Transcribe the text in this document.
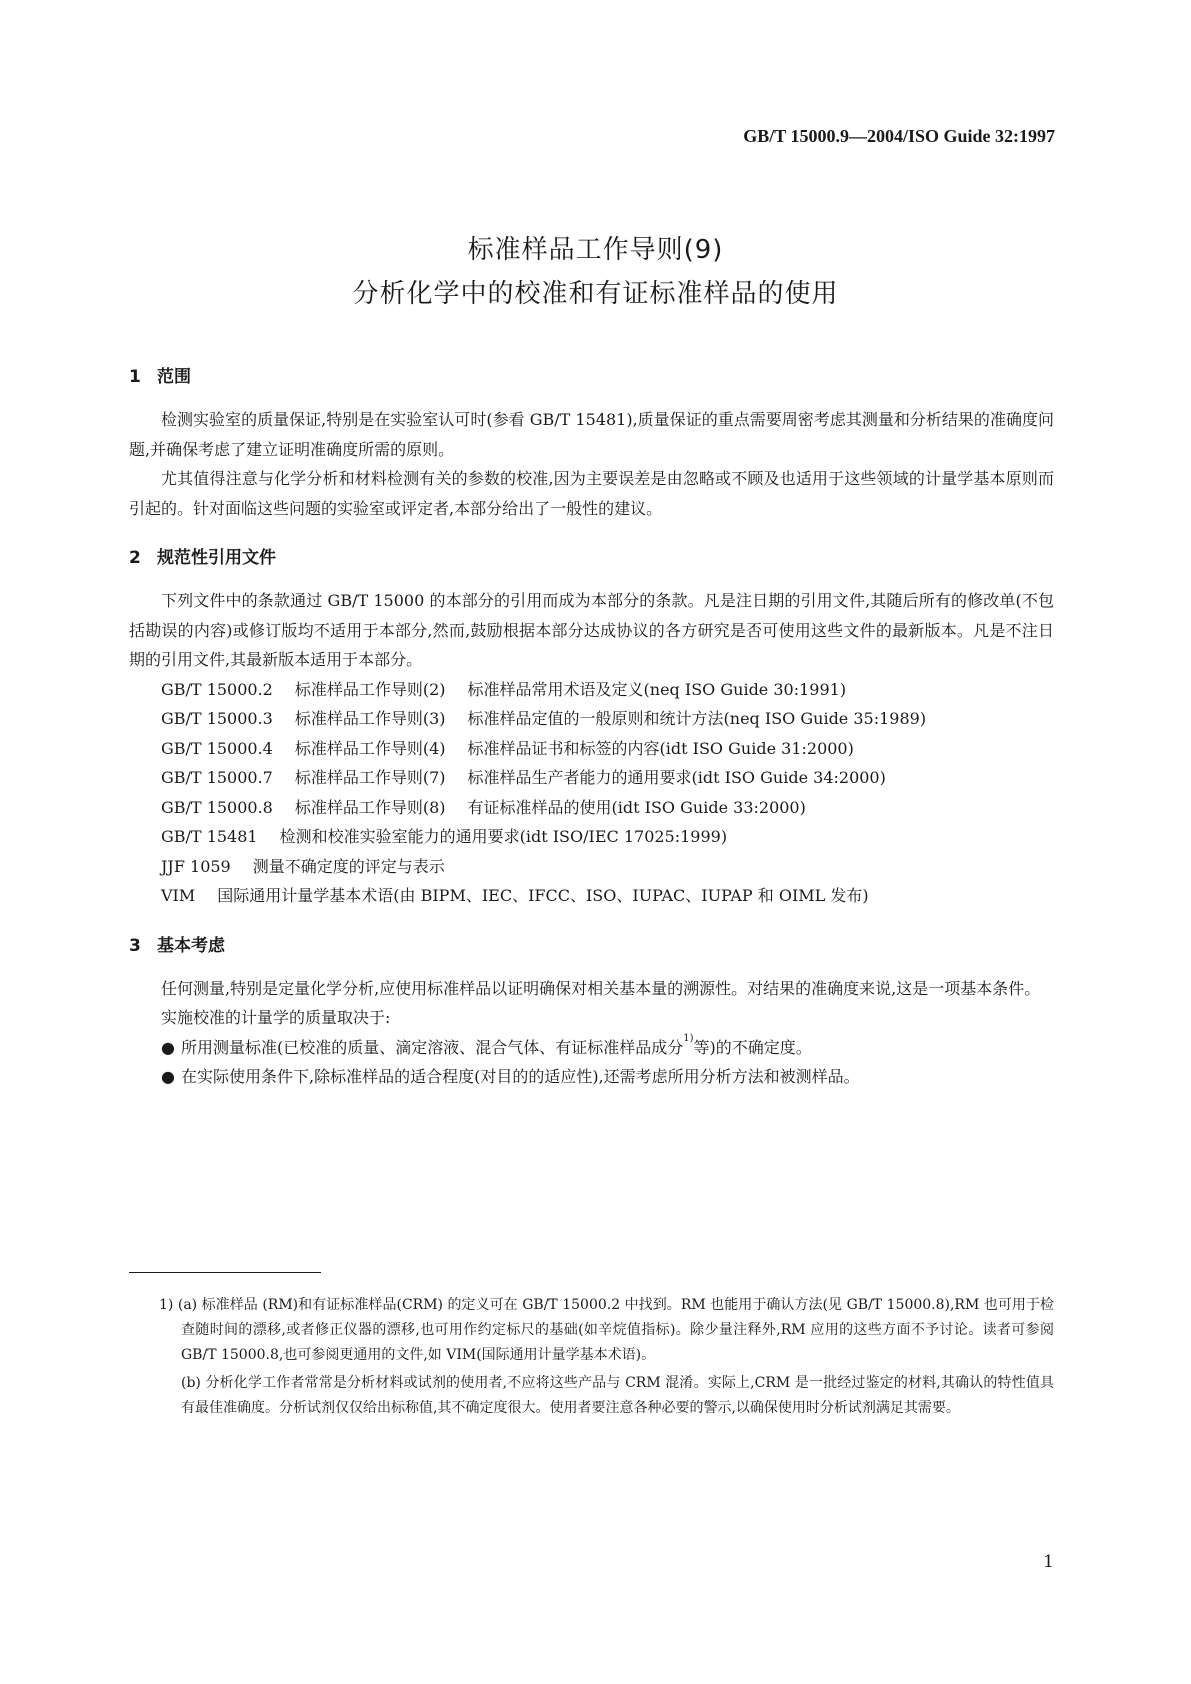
GB/T 15000.9—2004/ISO Guide 32:1997
标准样品工作导则(9)
分析化学中的校准和有证标准样品的使用
1 范围

检测实验室的质量保证,特别是在实验室认可时(参看 GB/T 15481),质量保证的重点需要周密考虑其测量和分析结果的准确度问题,并确保考虑了建立证明准确度所需的原则。

尤其值得注意与化学分析和材料检测有关的参数的校准,因为主要误差是由忽略或不顾及也适用于这些领域的计量学基本原则而引起的。针对面临这些问题的实验室或评定者,本部分给出了一般性的建议。

2 规范性引用文件

下列文件中的条款通过 GB/T 15000 的本部分的引用而成为本部分的条款。凡是注日期的引用文件,其随后所有的修改单(不包括勘误的内容)或修订版均不适用于本部分,然而,鼓励根据本部分达成协议的各方研究是否可使用这些文件的最新版本。凡是不注日期的引用文件,其最新版本适用于本部分。

GB/T 15000.2 标准样品工作导则(2) 标准样品常用术语及定义(neq ISO Guide 30:1991)

GB/T 15000.3 标准样品工作导则(3) 标准样品定值的一般原则和统计方法(neq ISO Guide 35:1989)

GB/T 15000.4 标准样品工作导则(4) 标准样品证书和标签的内容(idt ISO Guide 31:2000)

GB/T 15000.7 标准样品工作导则(7) 标准样品生产者能力的通用要求(idt ISO Guide 34:2000)

GB/T 15000.8 标准样品工作导则(8) 有证标准样品的使用(idt ISO Guide 33:2000)

GB/T 15481 检测和校准实验室能力的通用要求(idt ISO/IEC 17025:1999)

JJF 1059 测量不确定度的评定与表示

VIM 国际通用计量学基本术语(由 BIPM、IEC、IFCC、ISO、IUPAC、IUPAP 和 OIML 发布)

3 基本考虑

任何测量,特别是定量化学分析,应使用标准样品以证明确保对相关基本量的溯源性。对结果的准确度来说,这是一项基本条件。

实施校准的计量学的质量取决于:

● 所用测量标准(已校准的质量、滴定溶液、混合气体、有证标准样品成分$^{1)}$等)的不确定度。
● 在实际使用条件下,除标准样品的适合程度(对目的的适应性),还需考虑所用分析方法和被测样品。
1) (a) 标准样品 (RM)和有证标准样品(CRM) 的定义可在 GB/T 15000.2 中找到。RM 也能用于确认方法(见 GB/T 15000.8),RM 也可用于检查随时间的漂移,或者修正仪器的漂移,也可用作约定标尺的基础(如辛烷值指标)。除少量注释外,RM 应用的这些方面不予讨论。读者可参阅 GB/T 15000.8,也可参阅更通用的文件,如 VIM(国际通用计量学基本术语)。
(b) 分析化学工作者常常是分析材料或试剂的使用者,不应将这些产品与 CRM 混淆。实际上,CRM 是一批经过鉴定的材料,其确认的特性值具有最佳准确度。分析试剂仅仅给出标称值,其不确定度很大。使用者要注意各种必要的警示,以确保使用时分析试剂满足其需要。
1
